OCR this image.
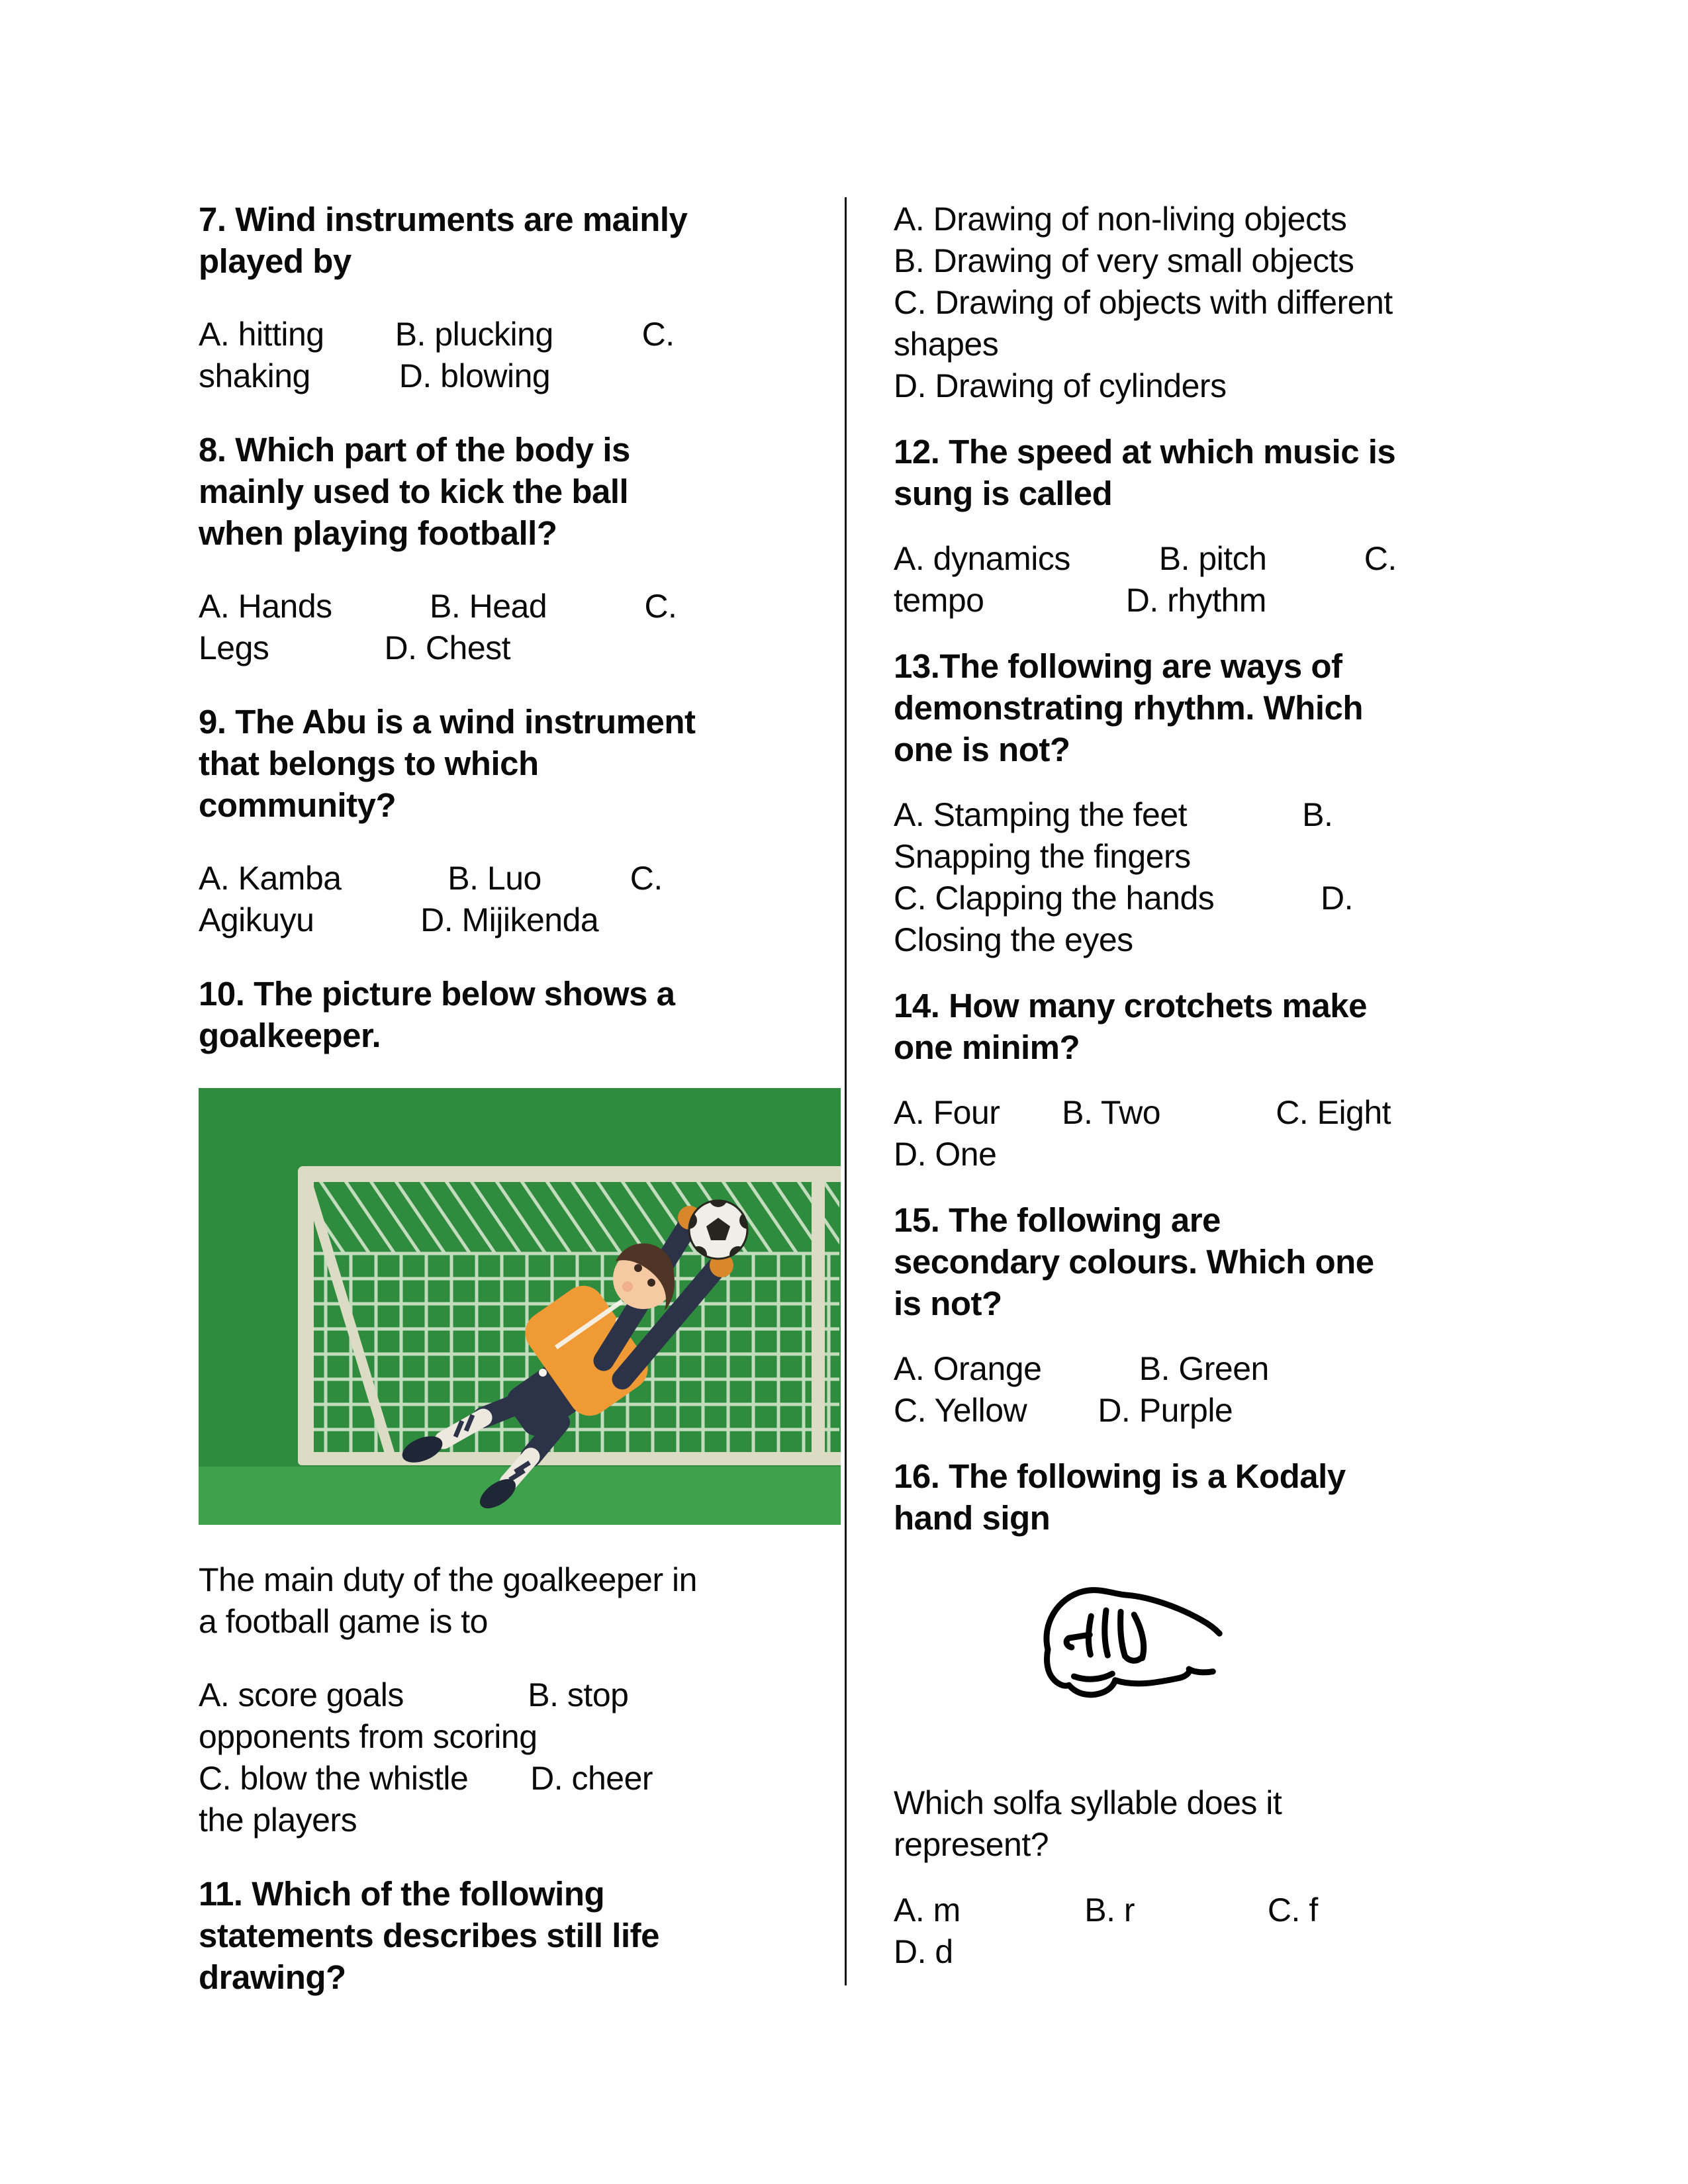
7. Wind instruments are mainly
played by
A. hitting        B. plucking          C.
shaking          D. blowing
8. Which part of the body is
mainly used to kick the ball
when playing football?
A. Hands           B. Head           C.
Legs             D. Chest
9. The Abu is a wind instrument
that belongs to which
community?
A. Kamba            B. Luo          C.
Agikuyu            D. Mijikenda
10. The picture below shows a
goalkeeper.
The main duty of the goalkeeper in
a football game is to
A. score goals              B. stop
opponents from scoring
C. blow the whistle       D. cheer
the players
11. Which of the following
statements describes still life
drawing?
A. Drawing of non-living objects
B. Drawing of very small objects
C. Drawing of objects with different
shapes
D. Drawing of cylinders
12. The speed at which music is
sung is called
A. dynamics          B. pitch           C.
tempo                D. rhythm
13.The following are ways of
demonstrating rhythm. Which
one is not?
A. Stamping the feet             B.
Snapping the fingers
C. Clapping the hands            D.
Closing the eyes
14. How many crotchets make
one minim?
A. Four       B. Two             C. Eight
D. One
15. The following are
secondary colours. Which one
is not?
A. Orange           B. Green
C. Yellow        D. Purple
16. The following is a Kodaly
hand sign
Which solfa syllable does it
represent?
A. m              B. r               C. f
D. d
